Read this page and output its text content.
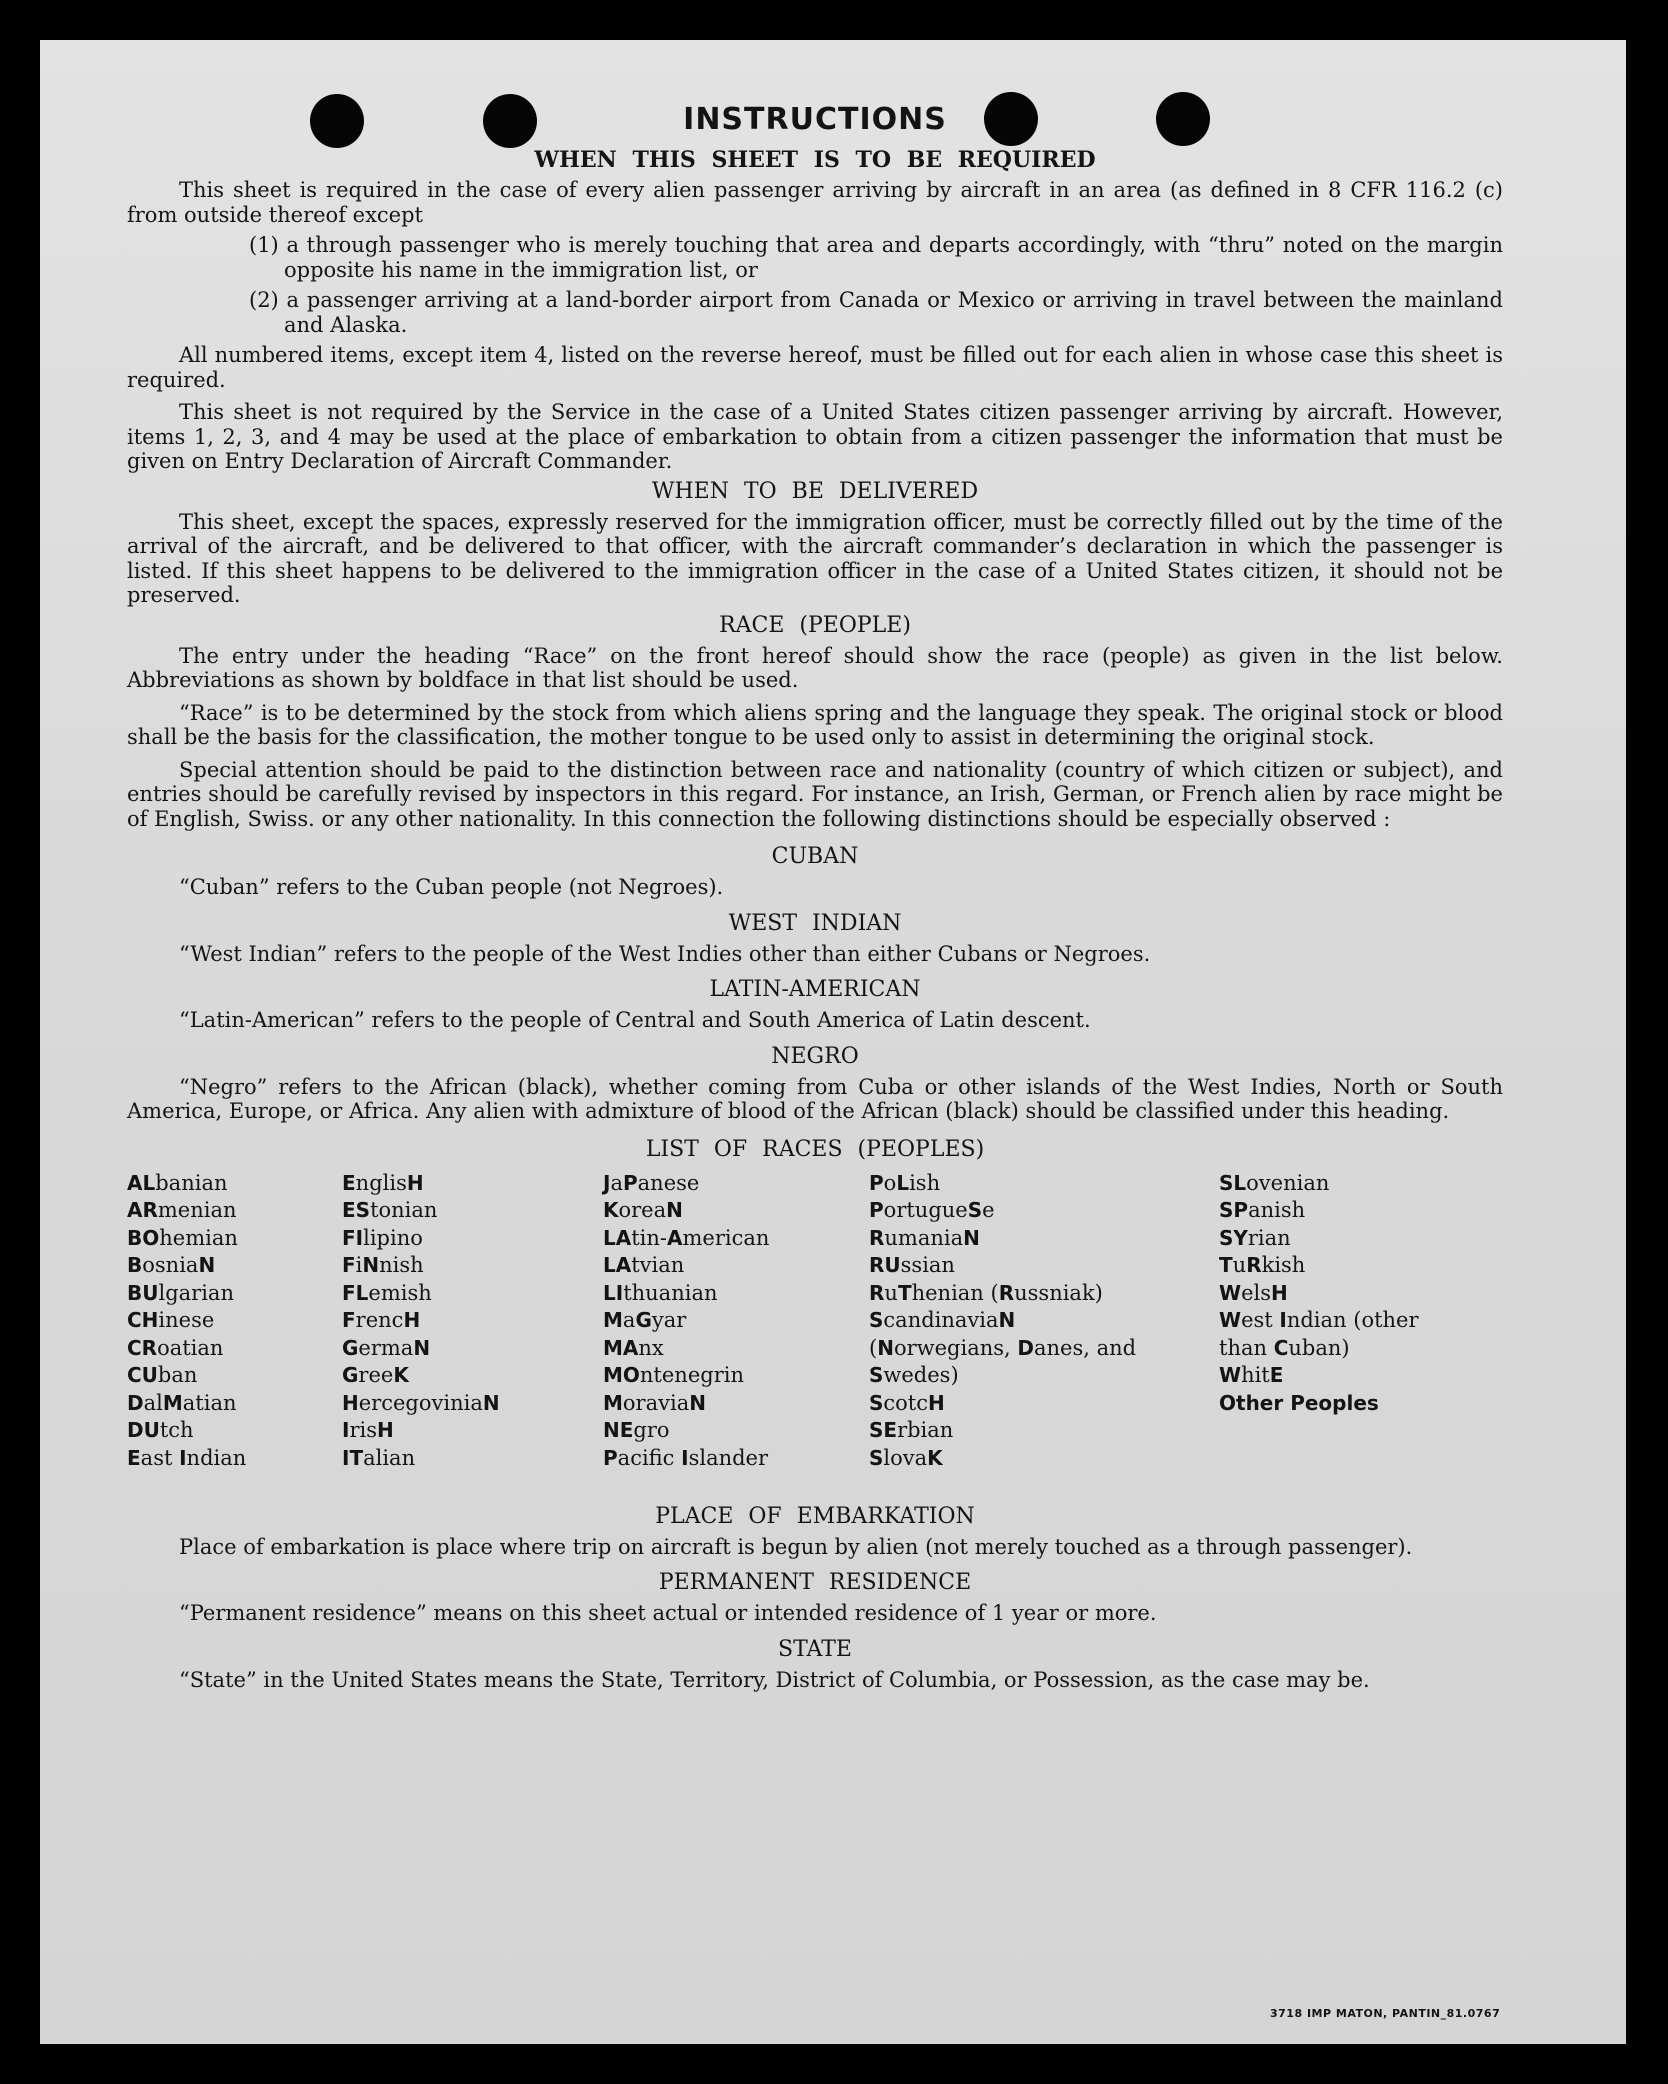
3718 IMP MATON, PANTIN_81.0767
INSTRUCTIONS
WHEN THIS SHEET IS TO BE REQUIRED

This sheet is required in the case of every alien passenger arriving by aircraft in an area (as defined in 8 CFR 116.2 (c) from outside thereof except

(1) a through passenger who is merely touching that area and departs accordingly, with “thru” noted on the margin opposite his name in the immigration list, or
(2) a passenger arriving at a land-border airport from Canada or Mexico or arriving in travel between the mainland and Alaska.

All numbered items, except item 4, listed on the reverse hereof, must be filled out for each alien in whose case this sheet is required.

This sheet is not required by the Service in the case of a United States citizen passenger arriving by aircraft. However, items 1, 2, 3, and 4 may be used at the place of embarkation to obtain from a citizen passenger the information that must be given on Entry Declaration of Aircraft Commander.

WHEN TO BE DELIVERED

This sheet, except the spaces, expressly reserved for the immigration officer, must be correctly filled out by the time of the arrival of the aircraft, and be delivered to that officer, with the aircraft commander’s declaration in which the passenger is listed. If this sheet happens to be delivered to the immigration officer in the case of a United States citizen, it should not be preserved.

RACE (PEOPLE)

The entry under the heading “Race” on the front hereof should show the race (people) as given in the list below. Abbreviations as shown by boldface in that list should be used.

“Race” is to be determined by the stock from which aliens spring and the language they speak. The original stock or blood shall be the basis for the classification, the mother tongue to be used only to assist in determining the original stock.

Special attention should be paid to the distinction between race and nationality (country of which citizen or subject), and entries should be carefully revised by inspectors in this regard. For instance, an Irish, German, or French alien by race might be of English, Swiss. or any other nationality. In this connection the following distinctions should be especially observed :

CUBAN

“Cuban” refers to the Cuban people (not Negroes).

WEST INDIAN

“West Indian” refers to the people of the West Indies other than either Cubans or Negroes.

LATIN-AMERICAN

“Latin-American” refers to the people of Central and South America of Latin descent.

NEGRO

“Negro” refers to the African (black), whether coming from Cuba or other islands of the West Indies, North or South America, Europe, or Africa. Any alien with admixture of blood of the African (black) should be classified under this heading.

LIST OF RACES (PEOPLES)
ALbanian
ARmenian
BOhemian
BosniaN
BUlgarian
CHinese
CRoatian
CUban
DalMatian
DUtch
East Indian
EnglisH
EStonian
FIlipino
FiNnish
FLemish
FrencH
GermaN
GreeK
HercegoviniaN
IrisH
ITalian
JaPanese
KoreaN
LAtin-American
LAtvian
LIthuanian
MaGyar
MAnx
MOntenegrin
MoraviaN
NEgro
Pacific Islander
PoLish
PortugueSe
RumaniaN
RUssian
RuThenian (Russniak)
ScandinaviaN (Norwegians, Danes, and Swedes)
ScotcH
SErbian
SlovaK
SLovenian
SPanish
SYrian
TuRkish
WelsH
West Indian (other than Cuban)
WhitE
Other Peoples
PLACE OF EMBARKATION

Place of embarkation is place where trip on aircraft is begun by alien (not merely touched as a through passenger).

PERMANENT RESIDENCE

“Permanent residence” means on this sheet actual or intended residence of 1 year or more.

STATE

“State” in the United States means the State, Territory, District of Columbia, or Possession, as the case may be.
